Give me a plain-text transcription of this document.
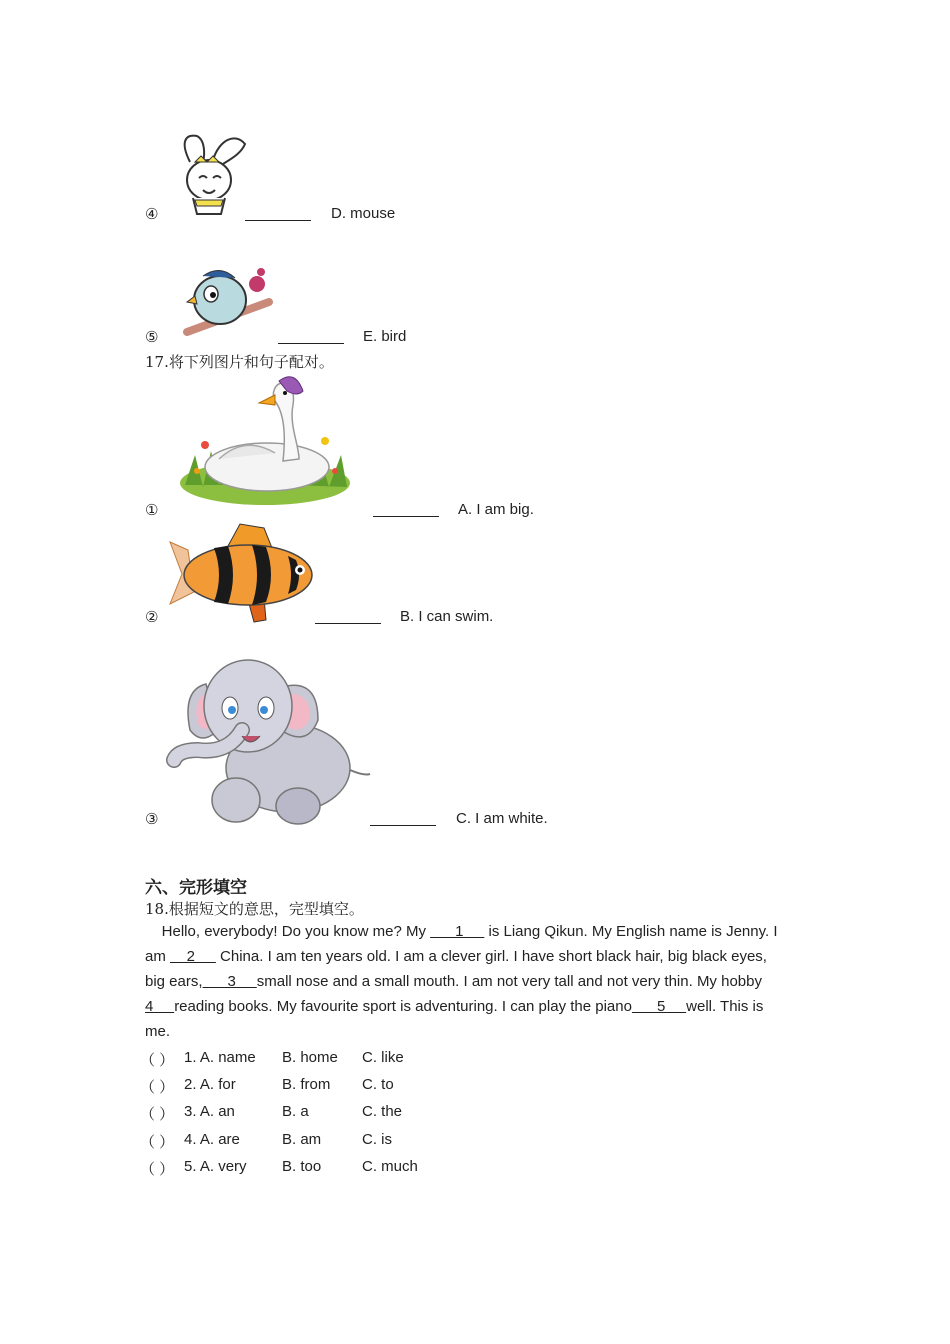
④	D. mouse
⑤	E. bird
17.将下列图片和句子配对。
①	A. I am big.
②	B. I can swim.
③	C. I am white.
六、完形填空
18.根据短文的意思，完型填空。
Hello, everybody! Do you know me? My       1      is Liang Qikun. My English name is Jenny. I
am     2      China. I am ten years old. I am a clever girl. I have short black hair, big black eyes,
big ears,      3     small nose and a small mouth. I am not very tall and not very thin. My hobby
4     reading books. My favourite sport is adventuring. I can play the piano      5     well. This is
me.
（ ） 1. A. name B. home C. like
（ ） 2. A. for	B. from C. to
（ ） 3. A. an	B. a	C. the
（ ） 4. A. are	B. am	C. is
（ ） 5. A. very B. too	C. much
